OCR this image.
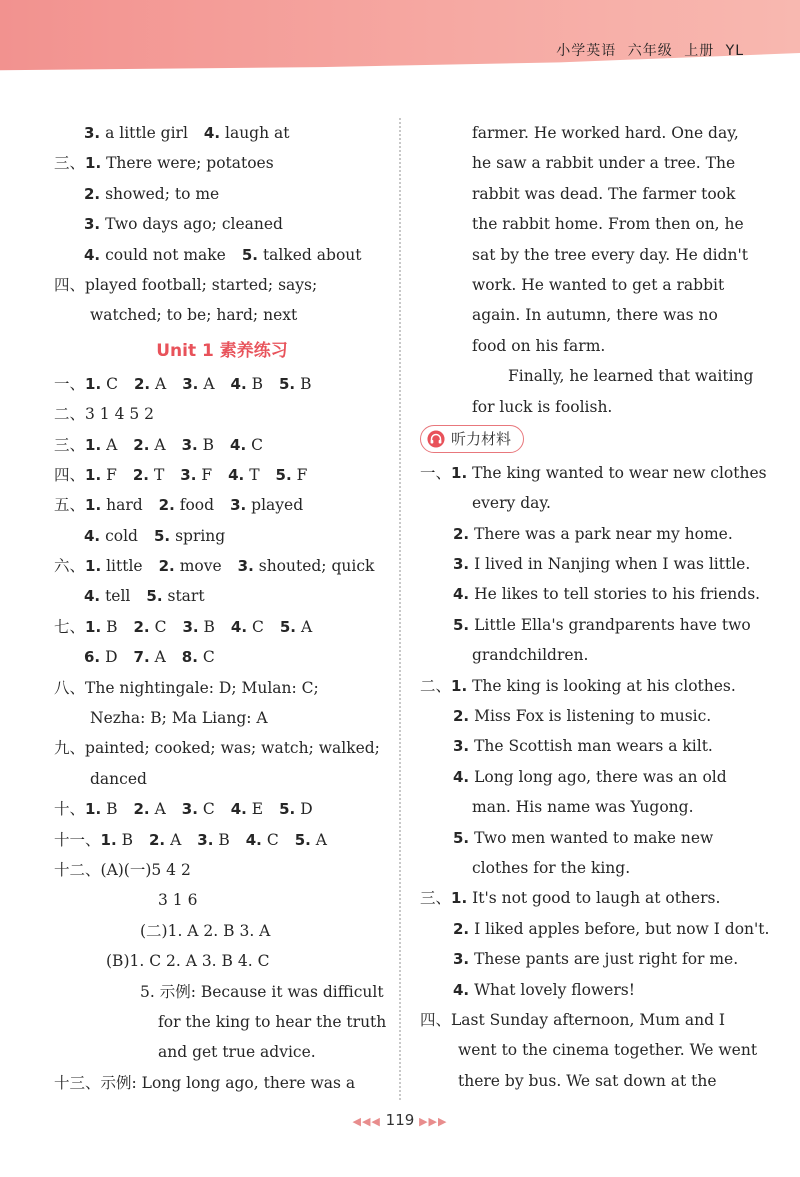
小学英语 六年级 上册 YL
3. a little girl 4. laugh at
三、1. There were; potatoes
2. showed; to me
3. Two days ago; cleaned
4. could not make 5. talked about
四、played football; started; says;
watched; to be; hard; next
Unit 1 素养练习
一、1. C 2. A 3. A 4. B 5. B
二、3 1 4 5 2
三、1. A 2. A 3. B 4. C
四、1. F 2. T 3. F 4. T 5. F
五、1. hard 2. food 3. played
4. cold 5. spring
六、1. little 2. move 3. shouted; quick
4. tell 5. start
七、1. B 2. C 3. B 4. C 5. A
6. D 7. A 8. C
八、The nightingale: D; Mulan: C;
Nezha: B; Ma Liang: A
九、painted; cooked; was; watch; walked;
danced
十、1. B 2. A 3. C 4. E 5. D
十一、1. B 2. A 3. B 4. C 5. A
十二、(A)(一)5 4 2
3 1 6
(二)1. A 2. B 3. A
(B)1. C 2. A 3. B 4. C
5. 示例: Because it was difficult
for the king to hear the truth
and get true advice.
十三、示例: Long long ago, there was a
farmer. He worked hard. One day,
he saw a rabbit under a tree. The
rabbit was dead. The farmer took
the rabbit home. From then on, he
sat by the tree every day. He didn't
work. He wanted to get a rabbit
again. In autumn, there was no
food on his farm.
Finally, he learned that waiting
for luck is foolish.
听力材料
一、1. The king wanted to wear new clothes
every day.
2. There was a park near my home.
3. I lived in Nanjing when I was little.
4. He likes to tell stories to his friends.
5. Little Ella's grandparents have two
grandchildren.
二、1. The king is looking at his clothes.
2. Miss Fox is listening to music.
3. The Scottish man wears a kilt.
4. Long long ago, there was an old
man. His name was Yugong.
5. Two men wanted to make new
clothes for the king.
三、1. It's not good to laugh at others.
2. I liked apples before, but now I don't.
3. These pants are just right for me.
4. What lovely flowers!
四、Last Sunday afternoon, Mum and I
went to the cinema together. We went
there by bus. We sat down at the
◀◀◀ 119 ▶▶▶
